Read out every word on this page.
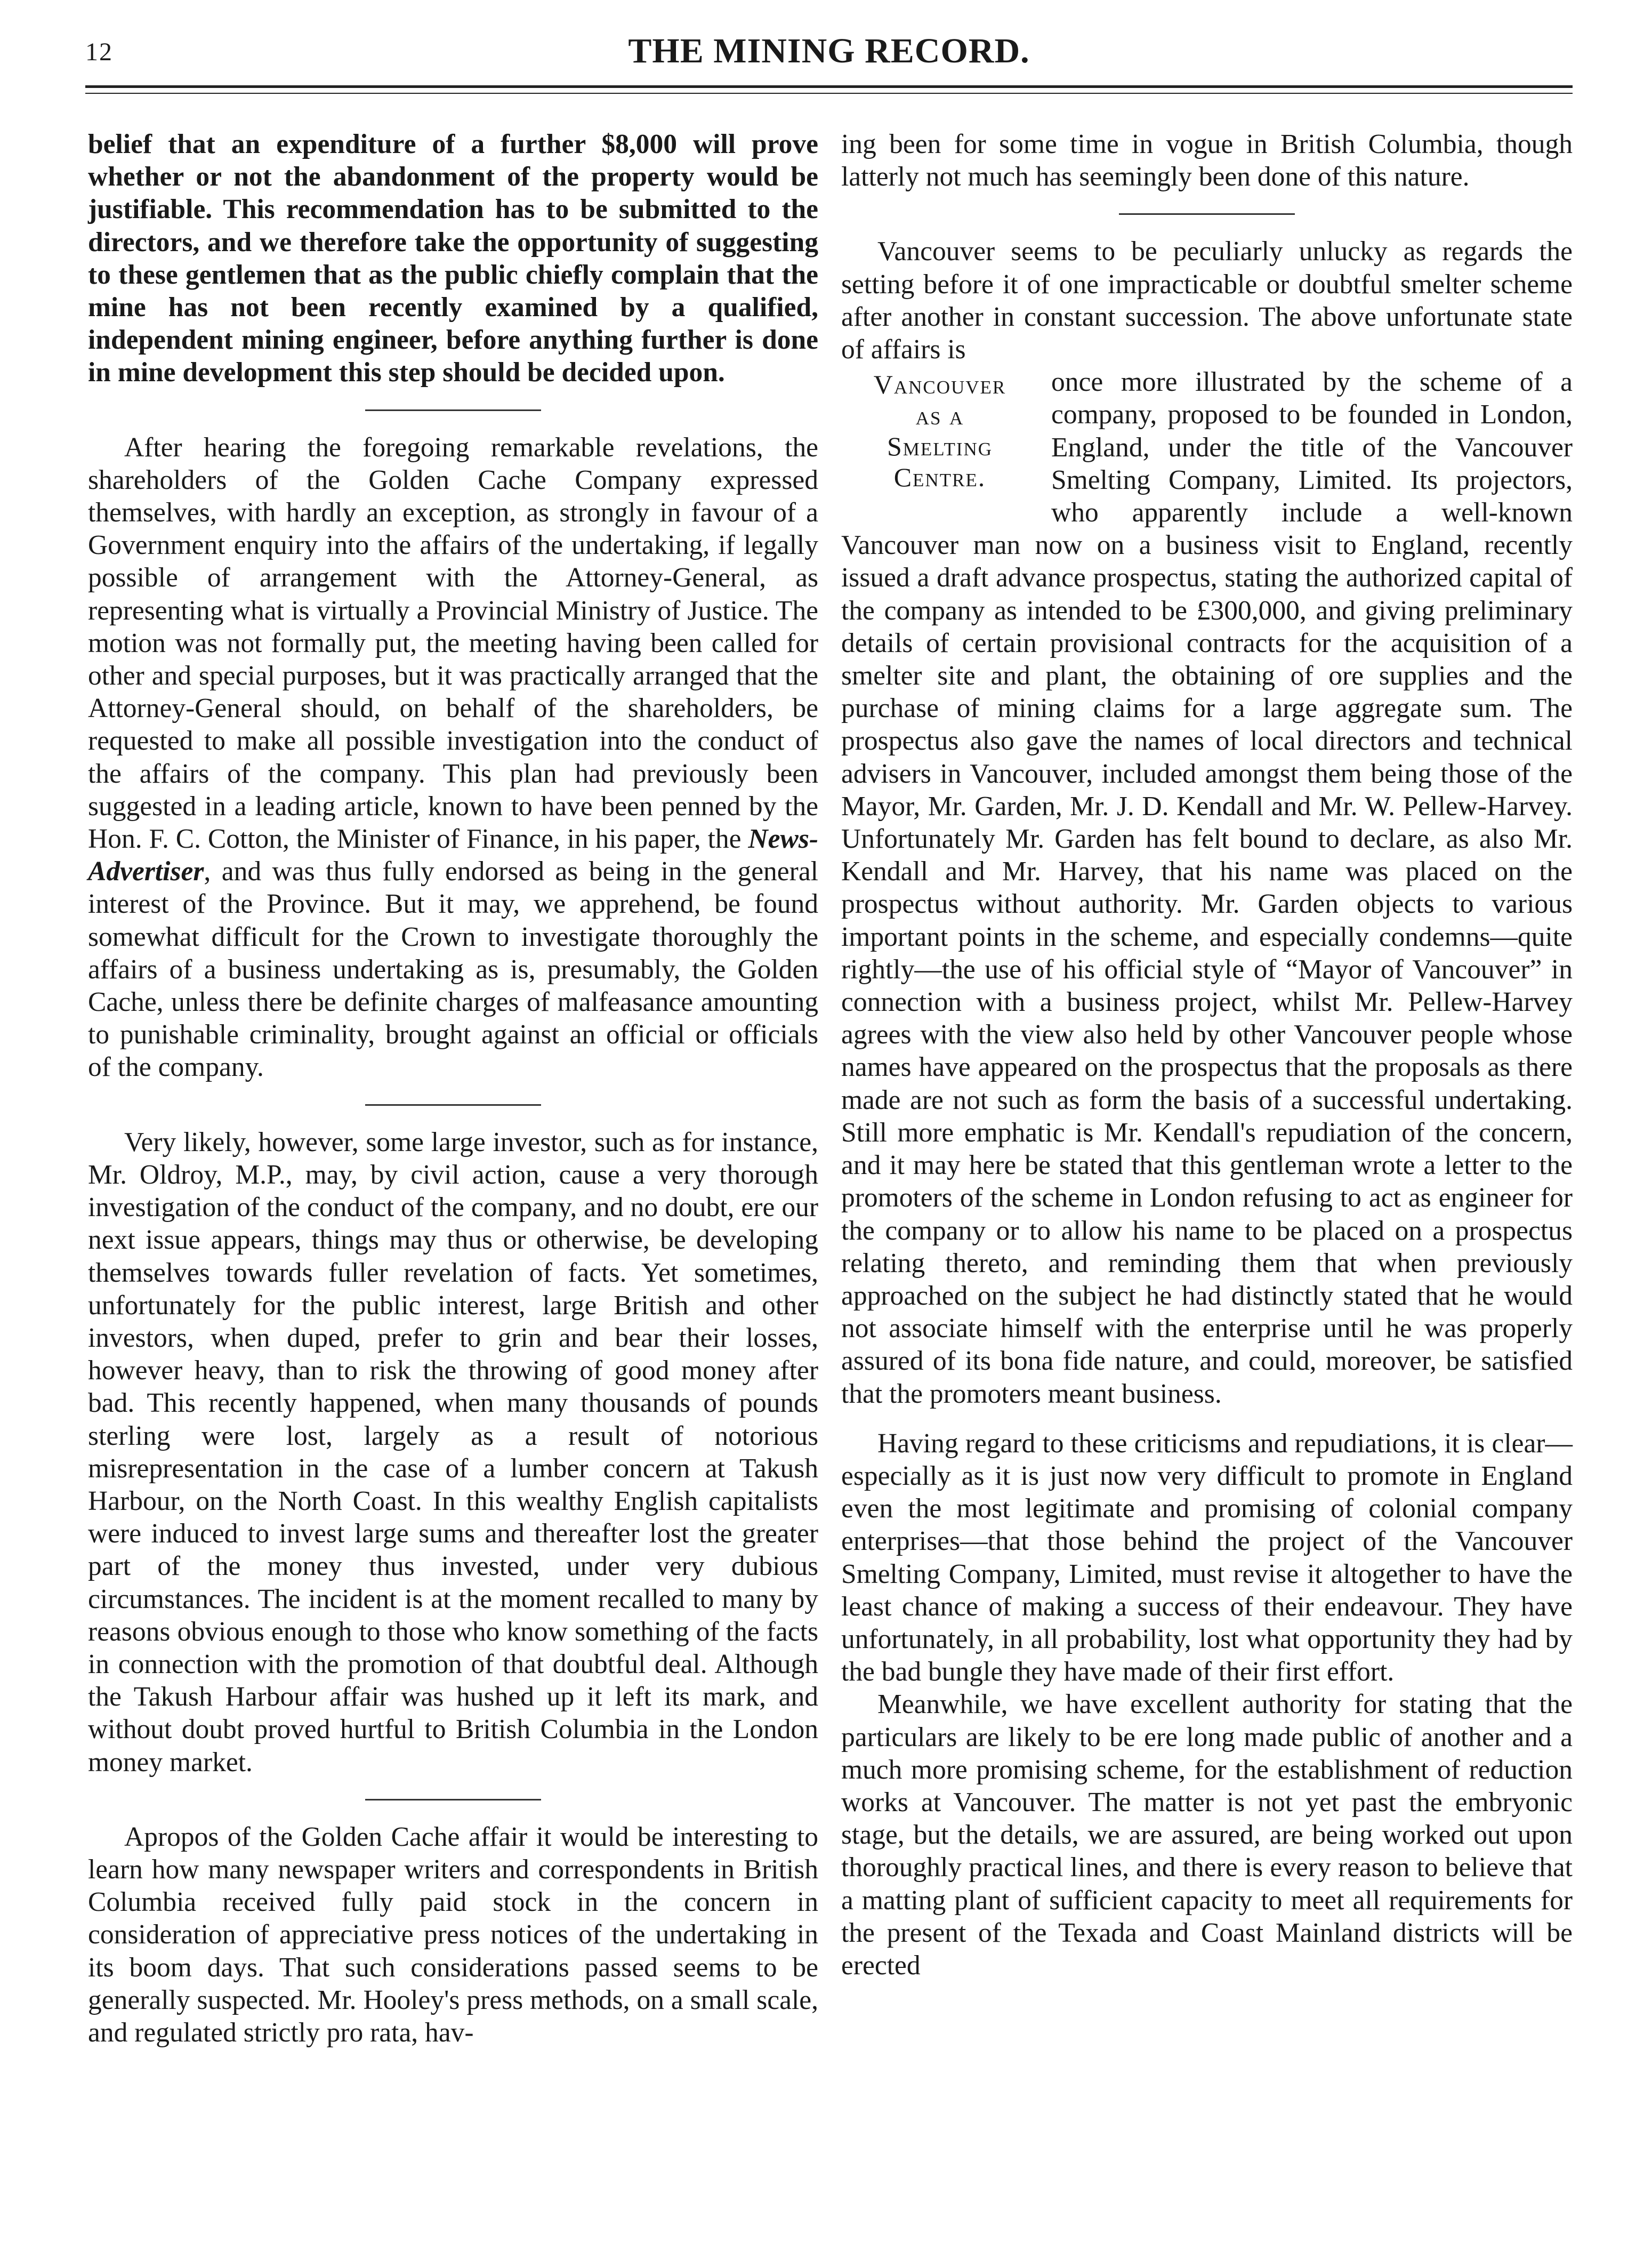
12	THE MINING RECORD.

belief that an expenditure of a further $8,000 will prove whether or not the abandonment of the property would be justifiable. This recommendation has to be submitted to the directors, and we therefore take the opportunity of suggesting to these gentlemen that as the public chiefly complain that the mine has not been recently examined by a qualified, independent mining engineer, before anything further is done in mine development this step should be decided upon.

After hearing the foregoing remarkable revelations, the shareholders of the Golden Cache Company expressed themselves, with hardly an exception, as strongly in favour of a Government enquiry into the affairs of the undertaking, if legally possible of arrangement with the Attorney-General, as representing what is virtually a Provincial Ministry of Justice. The motion was not formally put, the meeting having been called for other and special purposes, but it was practically arranged that the Attorney-General should, on behalf of the shareholders, be requested to make all possible investigation into the conduct of the affairs of the company. This plan had previously been suggested in a leading article, known to have been penned by the Hon. F. C. Cotton, the Minister of Finance, in his paper, the News-Advertiser, and was thus fully endorsed as being in the general interest of the Province. But it may, we apprehend, be found somewhat difficult for the Crown to investigate thoroughly the affairs of a business undertaking as is, presumably, the Golden Cache, unless there be definite charges of malfeasance amounting to punishable criminality, brought against an official or officials of the company.

Very likely, however, some large investor, such as for instance, Mr. Oldroy, M.P., may, by civil action, cause a very thorough investigation of the conduct of the company, and no doubt, ere our next issue appears, things may thus or otherwise, be developing themselves towards fuller revelation of facts. Yet sometimes, unfortunately for the public interest, large British and other investors, when duped, prefer to grin and bear their losses, however heavy, than to risk the throwing of good money after bad. This recently happened, when many thousands of pounds sterling were lost, largely as a result of notorious misrepresentation in the case of a lumber concern at Takush Harbour, on the North Coast. In this wealthy English capitalists were induced to invest large sums and thereafter lost the greater part of the money thus invested, under very dubious circumstances. The incident is at the moment recalled to many by reasons obvious enough to those who know something of the facts in connection with the promotion of that doubtful deal. Although the Takush Harbour affair was hushed up it left its mark, and without doubt proved hurtful to British Columbia in the London money market.

Apropos of the Golden Cache affair it would be interesting to learn how many newspaper writers and correspondents in British Columbia received fully paid stock in the concern in consideration of appreciative press notices of the undertaking in its boom days. That such considerations passed seems to be generally suspected. Mr. Hooley's press methods, on a small scale, and regulated strictly pro rata, hav-

ing been for some time in vogue in British Columbia, though latterly not much has seemingly been done of this nature.

Vancouver seems to be peculiarly unlucky as regards the setting before it of one impracticable or doubtful smelter scheme after another in constant succession. The above unfortunate state of affairs is

Vancouver
as a
Smelting
Centre.

once more illustrated by the scheme of a company, proposed to be founded in London, England, under the title of the Vancouver Smelting Company, Limited. Its projectors, who apparently include a well-known Vancouver man now on a business visit to England, recently issued a draft advance prospectus, stating the authorized capital of the company as intended to be £300,000, and giving preliminary details of certain provisional contracts for the acquisition of a smelter site and plant, the obtaining of ore supplies and the purchase of mining claims for a large aggregate sum. The prospectus also gave the names of local directors and technical advisers in Vancouver, included amongst them being those of the Mayor, Mr. Garden, Mr. J. D. Kendall and Mr. W. Pellew-Harvey. Unfortunately Mr. Garden has felt bound to declare, as also Mr. Kendall and Mr. Harvey, that his name was placed on the prospectus without authority. Mr. Garden objects to various important points in the scheme, and especially condemns—quite rightly—the use of his official style of “Mayor of Vancouver” in connection with a business project, whilst Mr. Pellew-Harvey agrees with the view also held by other Vancouver people whose names have appeared on the prospectus that the proposals as there made are not such as form the basis of a successful undertaking. Still more emphatic is Mr. Kendall's repudiation of the concern, and it may here be stated that this gentleman wrote a letter to the promoters of the scheme in London refusing to act as engineer for the company or to allow his name to be placed on a prospectus relating thereto, and reminding them that when previously approached on the subject he had distinctly stated that he would not associate himself with the enterprise until he was properly assured of its bona fide nature, and could, moreover, be satisfied that the promoters meant business.

Having regard to these criticisms and repudiations, it is clear—especially as it is just now very difficult to promote in England even the most legitimate and promising of colonial company enterprises—that those behind the project of the Vancouver Smelting Company, Limited, must revise it altogether to have the least chance of making a success of their endeavour. They have unfortunately, in all probability, lost what opportunity they had by the bad bungle they have made of their first effort.

Meanwhile, we have excellent authority for stating that the particulars are likely to be ere long made public of another and a much more promising scheme, for the establishment of reduction works at Vancouver. The matter is not yet past the embryonic stage, but the details, we are assured, are being worked out upon thoroughly practical lines, and there is every reason to believe that a matting plant of sufficient capacity to meet all requirements for the present of the Texada and Coast Mainland districts will be erected
